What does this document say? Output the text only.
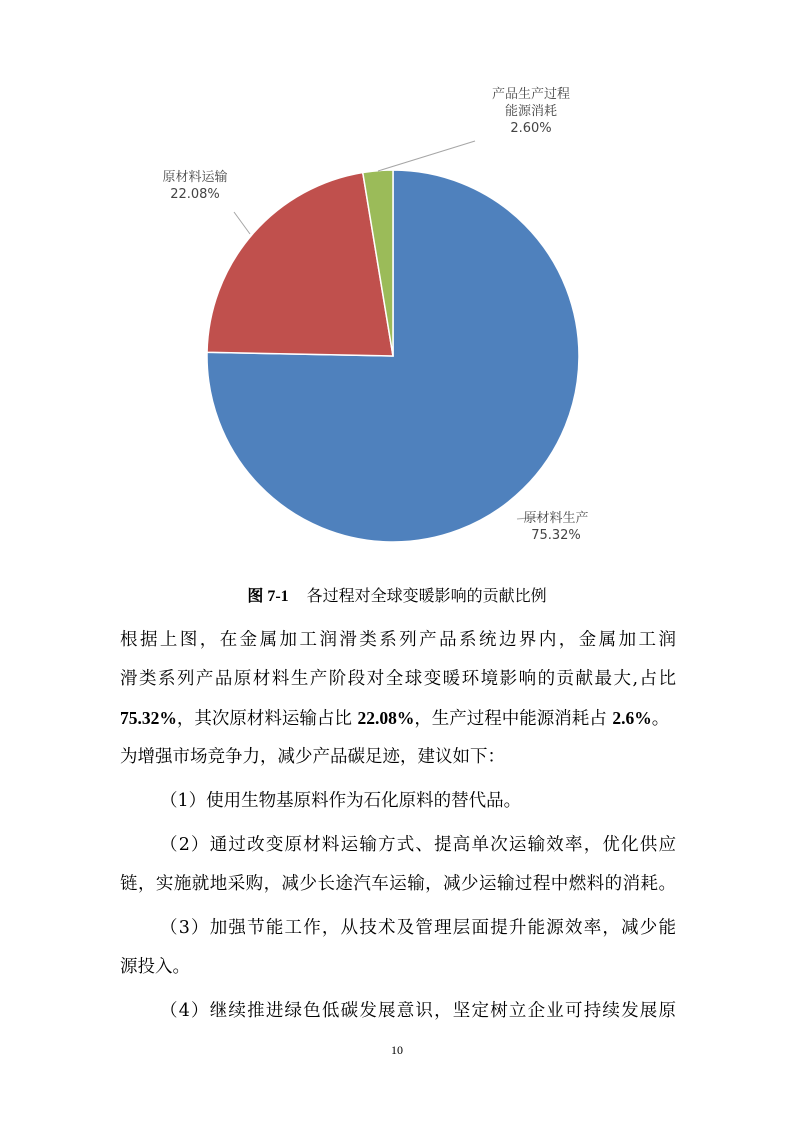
原材料生产
75.32%
原材料运输
22.08%
产品生产过程
能源消耗
2.60%
图 7-1 各过程对全球变暖影响的贡献比例
根据上图，在金属加工润滑类系列产品系统边界内，金属加工润
滑类系列产品原材料生产阶段对全球变暖环境影响的贡献最大,占比
75.32%，其次原材料运输占比 22.08%，生产过程中能源消耗占 2.6%。
为增强市场竞争力，减少产品碳足迹，建议如下：
（1）使用生物基原料作为石化原料的替代品。
（2）通过改变原材料运输方式、提高单次运输效率，优化供应
链，实施就地采购，减少长途汽车运输，减少运输过程中燃料的消耗。
（3）加强节能工作，从技术及管理层面提升能源效率，减少能
源投入。
（4）继续推进绿色低碳发展意识，坚定树立企业可持续发展原
10
